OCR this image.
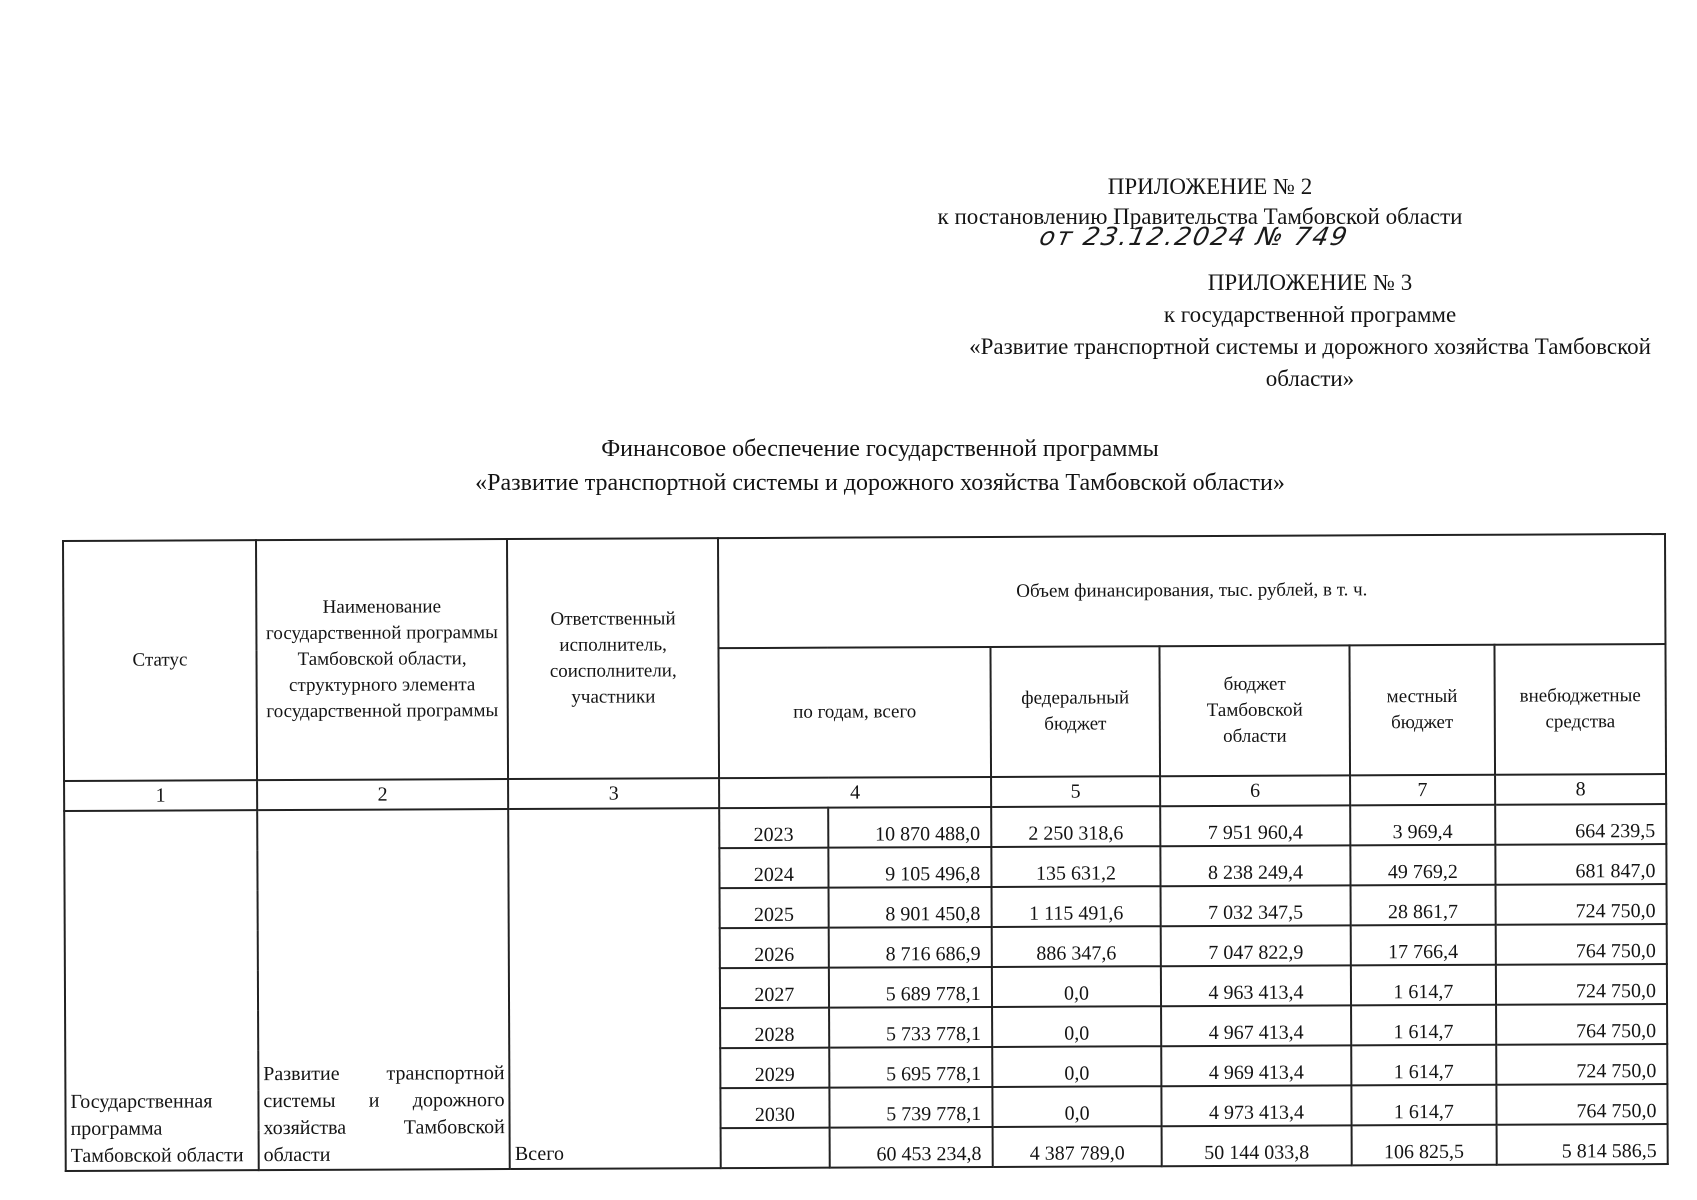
ПРИЛОЖЕНИЕ № 2
к постановлению Правительства Тамбовской области
от 23.12.2024 № 749
ПРИЛОЖЕНИЕ № 3
к государственной программе
«Развитие транспортной системы и дорожного хозяйства Тамбовской
области»
Финансовое обеспечение государственной программы
«Развитие транспортной системы и дорожного хозяйства Тамбовской области»
Статус	Наименование государственной программы Тамбовской области, структурного элемента государственной программы	Ответственный исполнитель, соисполнители, участники	Объем финансирования, тыс. рублей, в т. ч.					
			по годам, всего		федеральный бюджет	бюджет Тамбовской области	местный бюджет	внебюджетные средства
1	2	3	4		5	6	7	8
Государственная программа Тамбовской области	Развитие транспортной системы и дорожного хозяйства Тамбовской области	Всего	2023	10 870 488,0	2 250 318,6	7 951 960,4	3 969,4	664 239,5
			2024	9 105 496,8	135 631,2	8 238 249,4	49 769,2	681 847,0
			2025	8 901 450,8	1 115 491,6	7 032 347,5	28 861,7	724 750,0
			2026	8 716 686,9	886 347,6	7 047 822,9	17 766,4	764 750,0
			2027	5 689 778,1	0,0	4 963 413,4	1 614,7	724 750,0
			2028	5 733 778,1	0,0	4 967 413,4	1 614,7	764 750,0
			2029	5 695 778,1	0,0	4 969 413,4	1 614,7	724 750,0
			2030	5 739 778,1	0,0	4 973 413,4	1 614,7	764 750,0
				60 453 234,8	4 387 789,0	50 144 033,8	106 825,5	5 814 586,5
